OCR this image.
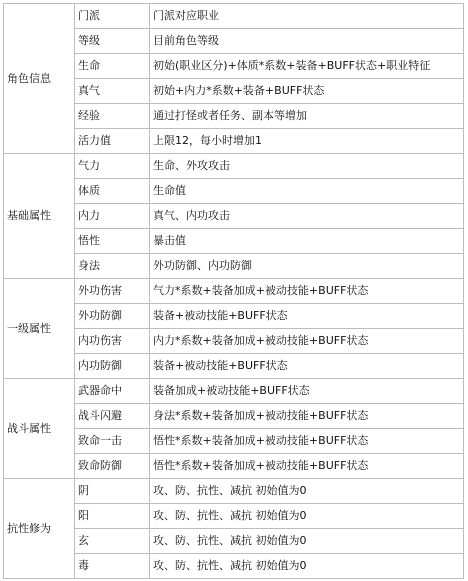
角色信息	门派	门派对应职业
	等级	目前角色等级
	生命	初始(职业区分)+体质*系数+装备+BUFF状态+职业特征
	真气	初始+内力*系数+装备+BUFF状态
	经验	通过打怪或者任务、副本等增加
	活力值	上限12，每小时增加1
基础属性	气力	生命、外攻攻击
	体质	生命值
	内力	真气、内功攻击
	悟性	暴击值
	身法	外功防御、内功防御
一级属性	外功伤害	气力*系数+装备加成+被动技能+BUFF状态
	外功防御	装备+被动技能+BUFF状态
	内功伤害	内力*系数+装备加成+被动技能+BUFF状态
	内功防御	装备+被动技能+BUFF状态
战斗属性	武器命中	装备加成+被动技能+BUFF状态
	战斗闪避	身法*系数+装备加成+被动技能+BUFF状态
	致命一击	悟性*系数+装备加成+被动技能+BUFF状态
	致命防御	悟性*系数+装备加成+被动技能+BUFF状态
抗性修为	阴	攻、防、抗性、减抗 初始值为0
	阳	攻、防、抗性、减抗 初始值为0
	玄	攻、防、抗性、减抗 初始值为0
	毒	攻、防、抗性、减抗 初始值为0
